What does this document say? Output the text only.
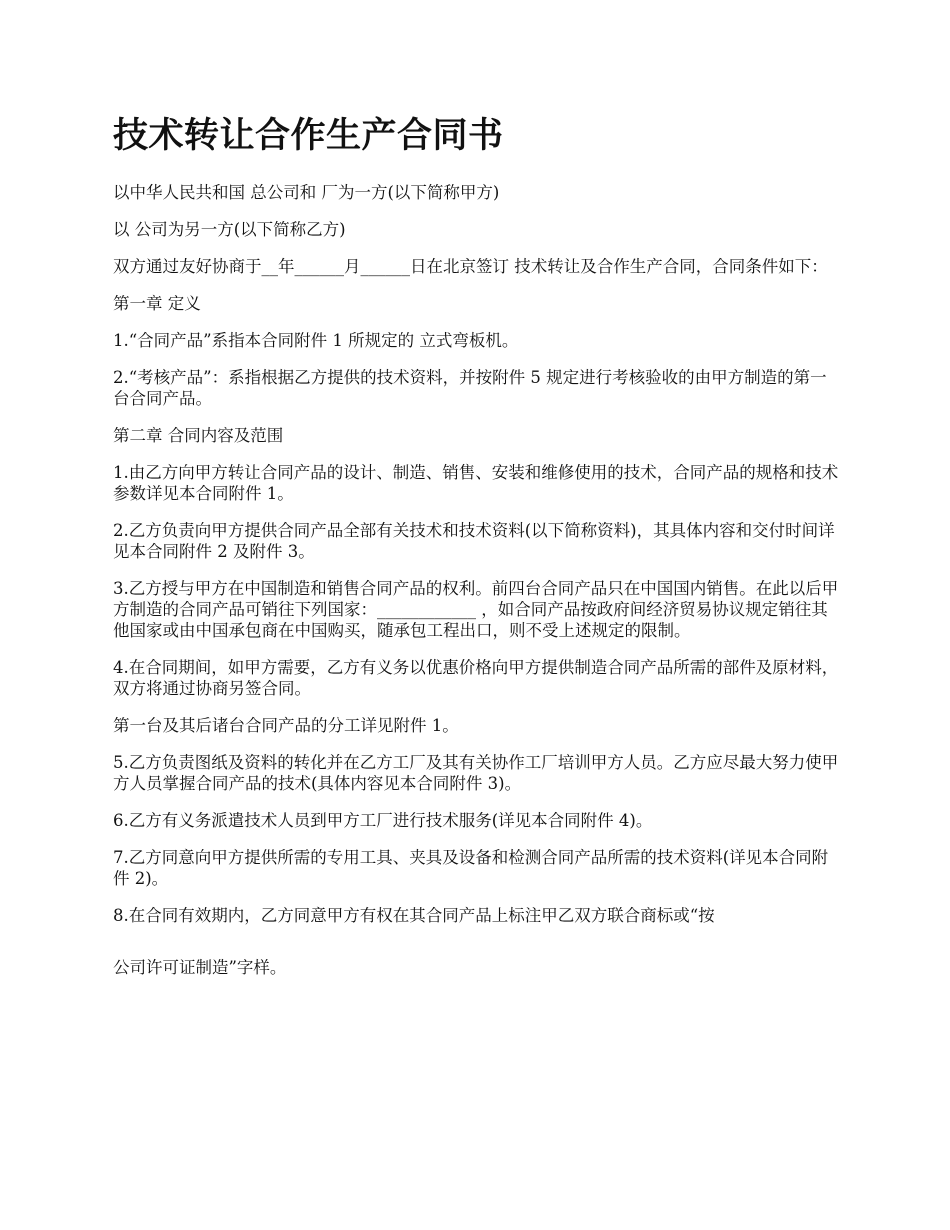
技术转让合作生产合同书

以中华人民共和国 总公司和 厂为一方(以下简称甲方)

以 公司为另一方(以下简称乙方)

双方通过友好协商于__年______月______日在北京签订 技术转让及合作生产合同，合同条件如下：

第一章 定义

1.“合同产品”系指本合同附件 1 所规定的 立式弯板机。

2.“考核产品”：系指根据乙方提供的技术资料，并按附件 5 规定进行考核验收的由甲方制造的第一台合同产品。

第二章 合同内容及范围

1.由乙方向甲方转让合同产品的设计、制造、销售、安装和维修使用的技术，合同产品的规格和技术参数详见本合同附件 1。

2.乙方负责向甲方提供合同产品全部有关技术和技术资料(以下简称资料)，其具体内容和交付时间详见本合同附件 2 及附件 3。

3.乙方授与甲方在中国制造和销售合同产品的权利。前四台合同产品只在中国国内销售。在此以后甲方制造的合同产品可销往下列国家：____________ ，如合同产品按政府间经济贸易协议规定销往其他国家或由中国承包商在中国购买，随承包工程出口，则不受上述规定的限制。

4.在合同期间，如甲方需要，乙方有义务以优惠价格向甲方提供制造合同产品所需的部件及原材料，双方将通过协商另签合同。

第一台及其后诸台合同产品的分工详见附件 1。

5.乙方负责图纸及资料的转化并在乙方工厂及其有关协作工厂培训甲方人员。乙方应尽最大努力使甲方人员掌握合同产品的技术(具体内容见本合同附件 3)。

6.乙方有义务派遣技术人员到甲方工厂进行技术服务(详见本合同附件 4)。

7.乙方同意向甲方提供所需的专用工具、夹具及设备和检测合同产品所需的技术资料(详见本合同附件 2)。

8.在合同有效期内，乙方同意甲方有权在其合同产品上标注甲乙双方联合商标或“按

公司许可证制造”字样。
